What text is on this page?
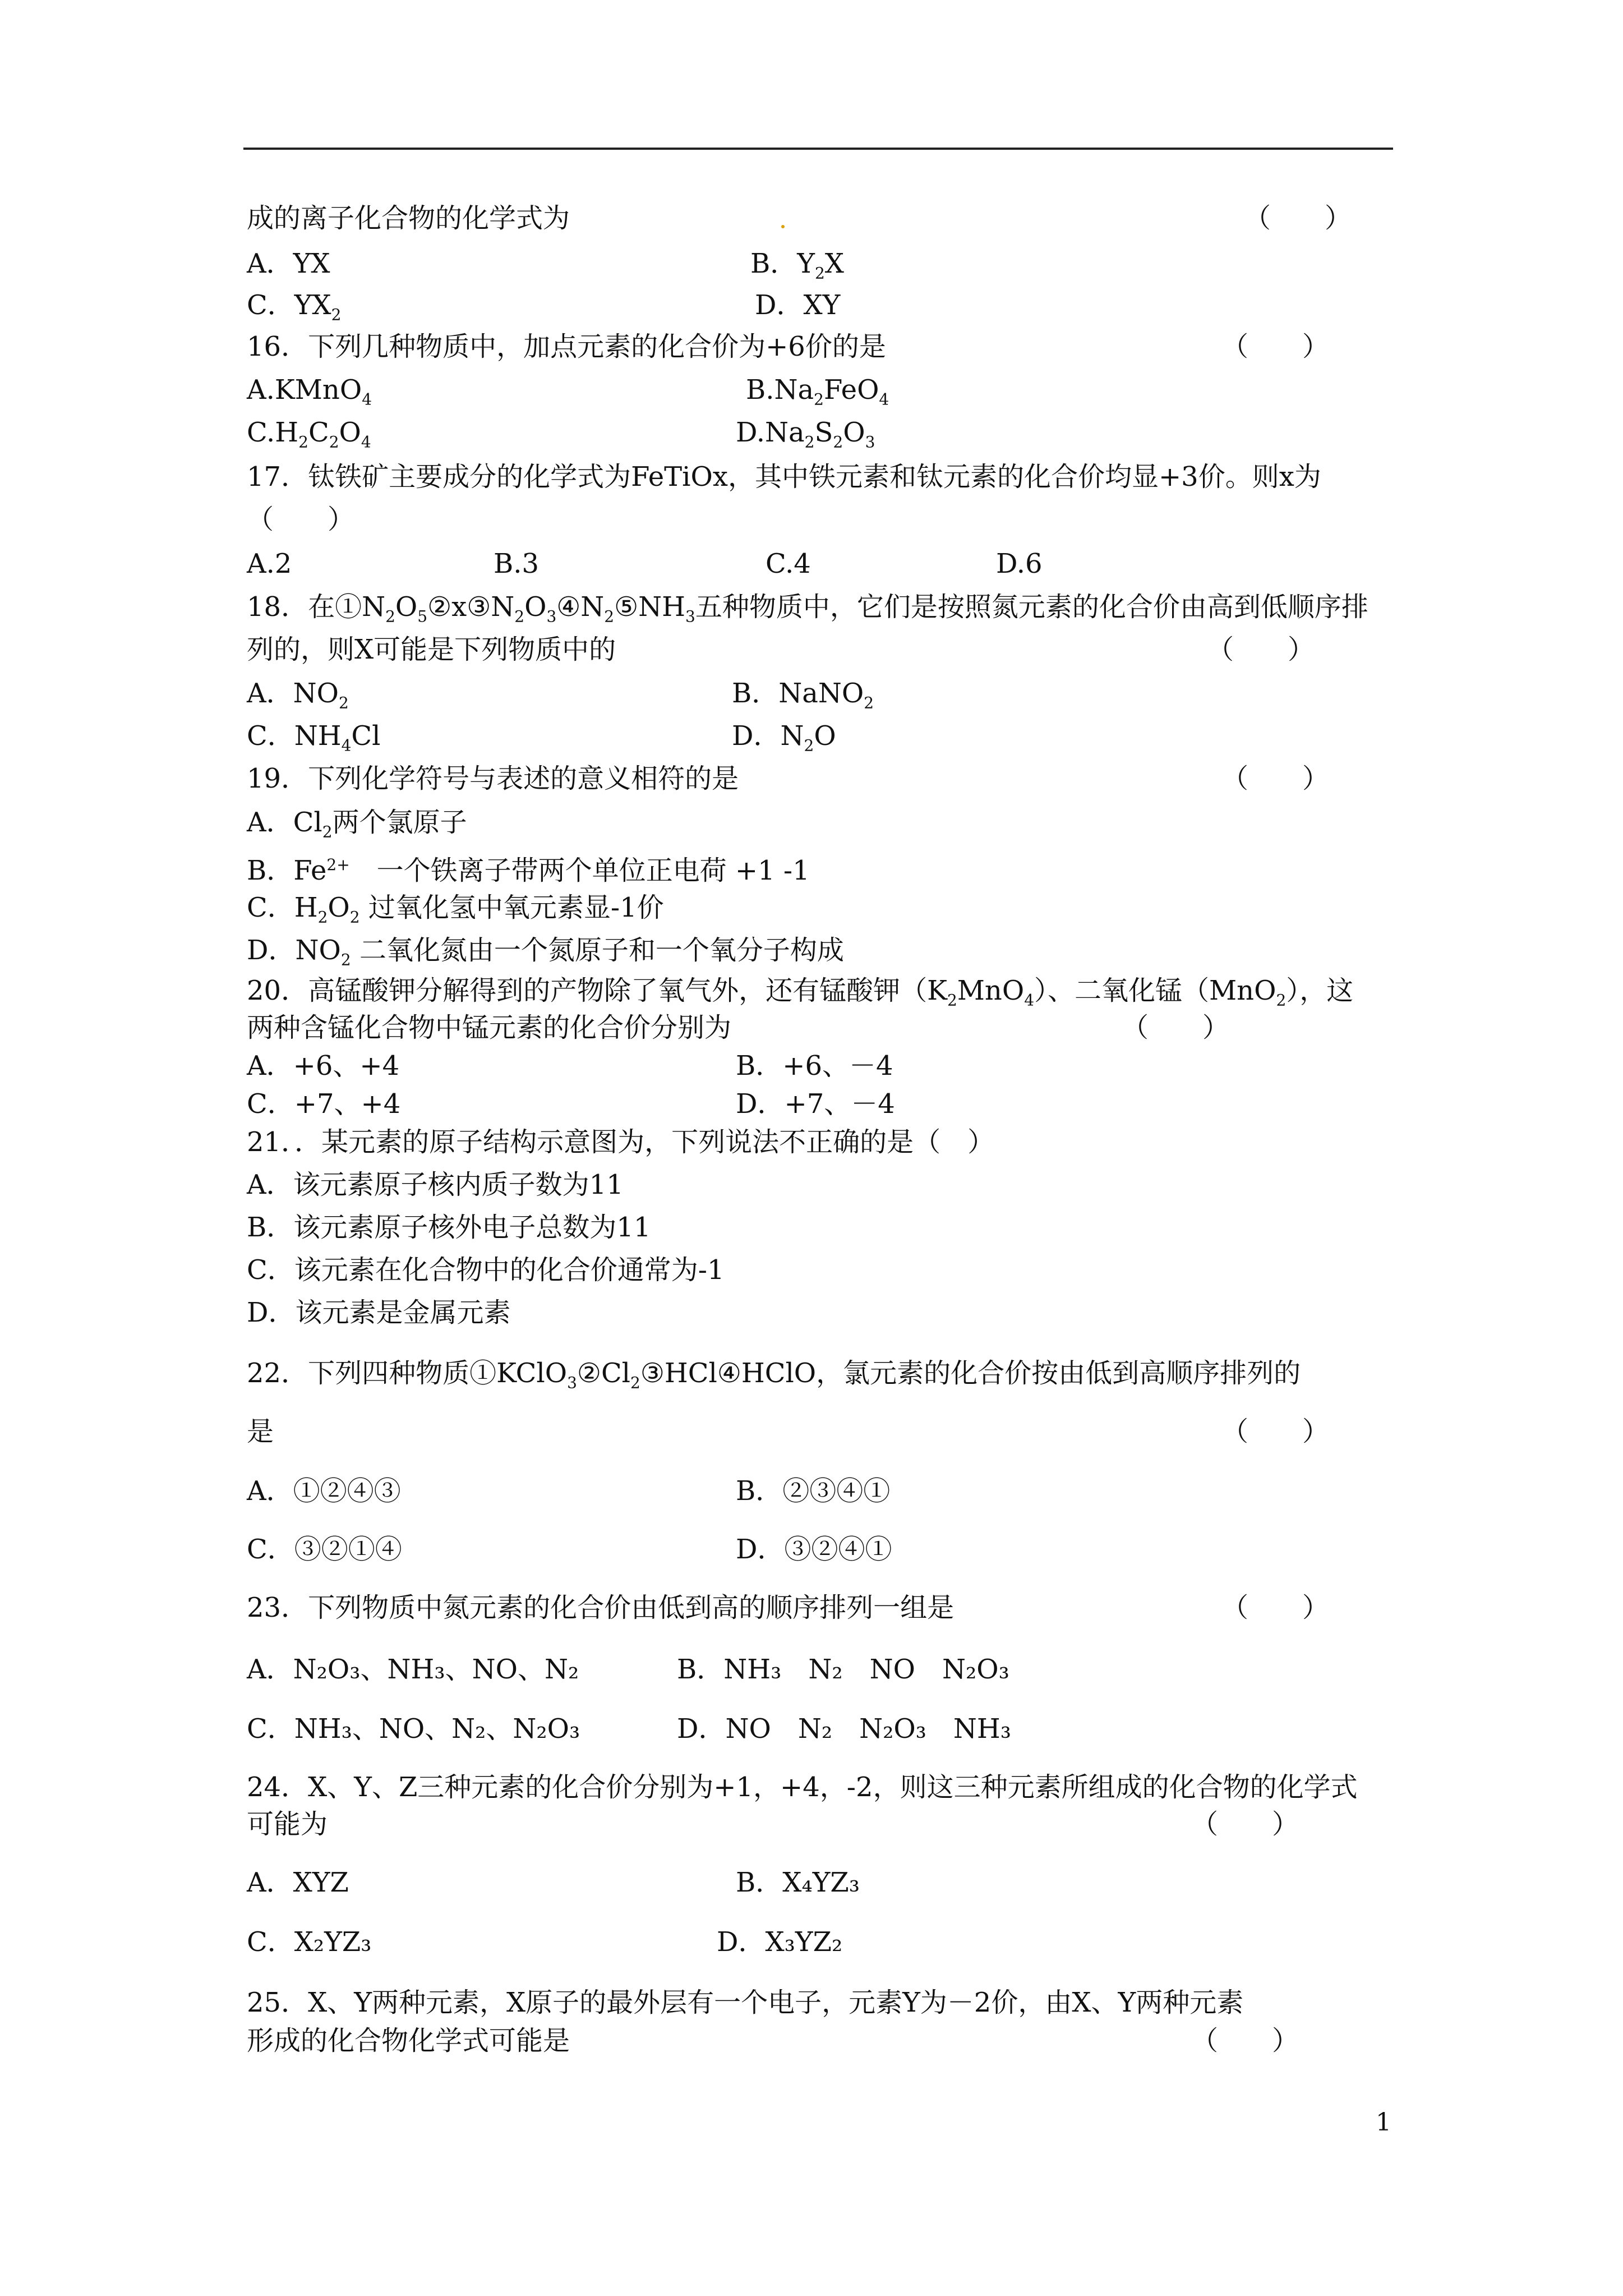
成的离子化合物的化学式为	（　　）
A．YX	B．$Y_2X$
C．$YX_2$	D．XY
16．下列几种物质中，加点元素的化合价为+6价的是	（　　）
A.KMnO$_4$	$B.Na_2FeO_4$
$C.H_2C_2O_4$	$D.Na_2S_2O_3$
17．钛铁矿主要成分的化学式为FeTiOx，其中铁元素和钛元素的化合价均显+3价。则x为
（　　）
A.2	B.3	C.4	D.6
18．在$①N_2O_5②x③N_2O_3④N_2⑤NH_3$五种物质中，它们是按照氮元素的化合价由高到低顺序排
列的，则X可能是下列物质中的	（　　）
A．$NO_2$	B．NaNO$_2$
C．$NH_4Cl$	D．$N_2O$
19．下列化学符号与表述的意义相符的是	（　　）
A．$Cl_2$两个氯原子
B．$Fe^{2+}$　一个铁离子带两个单位正电荷 +1 -1
C．$H_2O_2$ 过氧化氢中氧元素显-1价
D．$NO_2$ 二氧化氮由一个氮原子和一个氧分子构成
20．高锰酸钾分解得到的产物除了氧气外，还有锰酸钾$(K_2MnO_4)$、二氧化锰（MnO$_2$），这
两种含锰化合物中锰元素的化合价分别为	（　　）
A．+6、+4	B．+6、－4
C．+7、+4	D．+7、－4
21．．某元素的原子结构示意图为，下列说法不正确的是（　）
A．该元素原子核内质子数为11
B．该元素原子核外电子总数为11
C．该元素在化合物中的化合价通常为-1
D．该元素是金属元素
22．下列四种物质$①KClO_3②Cl_2③HCl④HClO$，氯元素的化合价按由低到高顺序排列的
是	（　　）
A．①②④③	B．②③④①
C．③②①④	D．③②④①
23．下列物质中氮元素的化合价由低到高的顺序排列一组是	（　　）
A．N₂O₃、NH₃、NO、N₂	B．NH₃　N₂　NO　N₂O₃
C．NH₃、NO、N₂、N₂O₃	D．NO　N₂　N₂O₃　NH₃
24．X、Y、Z三种元素的化合价分别为+1，+4，-2，则这三种元素所组成的化合物的化学式
可能为	（　　）
A．XYZ	B．X₄YZ₃
C．X₂YZ₃	D．X₃YZ₂
25．X、Y两种元素，X原子的最外层有一个电子，元素Y为－2价，由X、Y两种元素
形成的化合物化学式可能是	（　　）
1
